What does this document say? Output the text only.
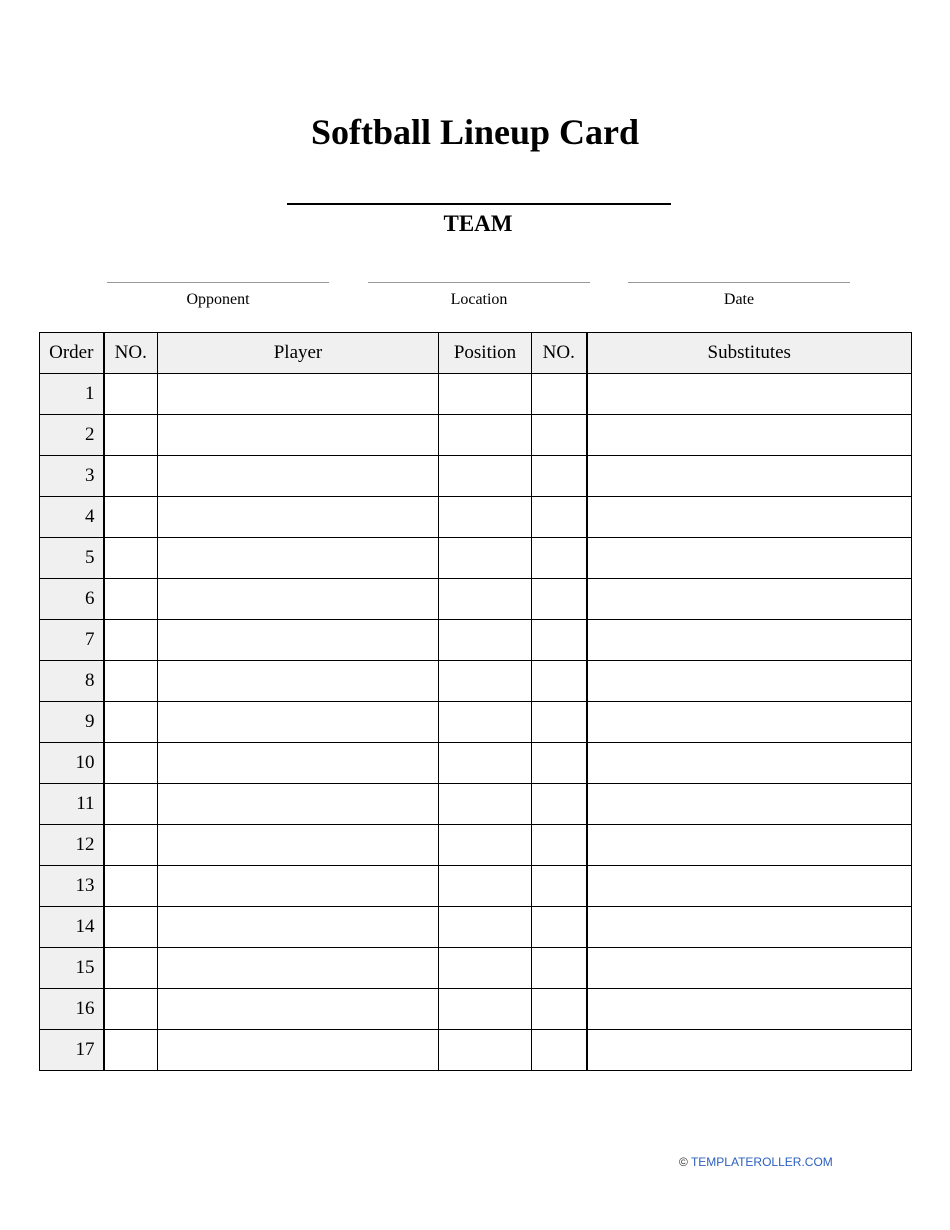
Softball Lineup Card
TEAM
Opponent	Location	Date
Order	NO.	Player	Position	NO.	Substitutes
1					
2					
3					
4					
5					
6					
7					
8					
9					
10					
11					
12					
13					
14					
15					
16					
17					
© TEMPLATEROLLER.COM
